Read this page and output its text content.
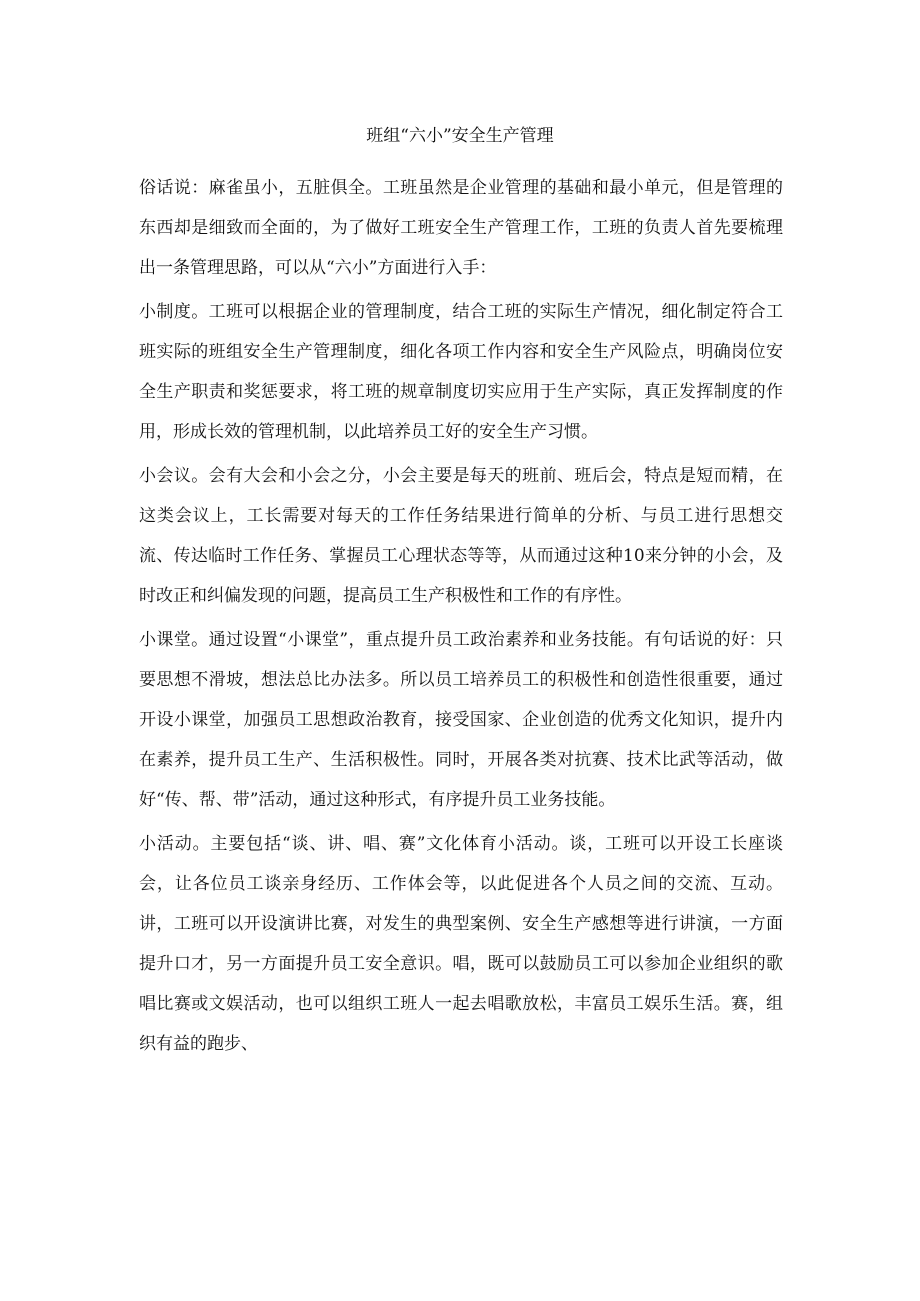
班组“六小”安全生产管理

俗话说：麻雀虽小，五脏俱全。工班虽然是企业管理的基础和最小单元，但是管理的东西却是细致而全面的，为了做好工班安全生产管理工作，工班的负责人首先要梳理出一条管理思路，可以从“六小”方面进行入手：

小制度。工班可以根据企业的管理制度，结合工班的实际生产情况，细化制定符合工班实际的班组安全生产管理制度，细化各项工作内容和安全生产风险点，明确岗位安全生产职责和奖惩要求，将工班的规章制度切实应用于生产实际，真正发挥制度的作用，形成长效的管理机制，以此培养员工好的安全生产习惯。

小会议。会有大会和小会之分，小会主要是每天的班前、班后会，特点是短而精，在这类会议上，工长需要对每天的工作任务结果进行简单的分析、与员工进行思想交流、传达临时工作任务、掌握员工心理状态等等，从而通过这种10来分钟的小会，及时改正和纠偏发现的问题，提高员工生产积极性和工作的有序性。

小课堂。通过设置“小课堂”，重点提升员工政治素养和业务技能。有句话说的好：只要思想不滑坡，想法总比办法多。所以员工培养员工的积极性和创造性很重要，通过开设小课堂，加强员工思想政治教育，接受国家、企业创造的优秀文化知识，提升内在素养，提升员工生产、生活积极性。同时，开展各类对抗赛、技术比武等活动，做好“传、帮、带”活动，通过这种形式，有序提升员工业务技能。

小活动。主要包括“谈、讲、唱、赛”文化体育小活动。谈，工班可以开设工长座谈会，让各位员工谈亲身经历、工作体会等，以此促进各个人员之间的交流、互动。讲，工班可以开设演讲比赛，对发生的典型案例、安全生产感想等进行讲演，一方面提升口才，另一方面提升员工安全意识。唱，既可以鼓励员工可以参加企业组织的歌唱比赛或文娱活动，也可以组织工班人一起去唱歌放松，丰富员工娱乐生活。赛，组织有益的跑步、
